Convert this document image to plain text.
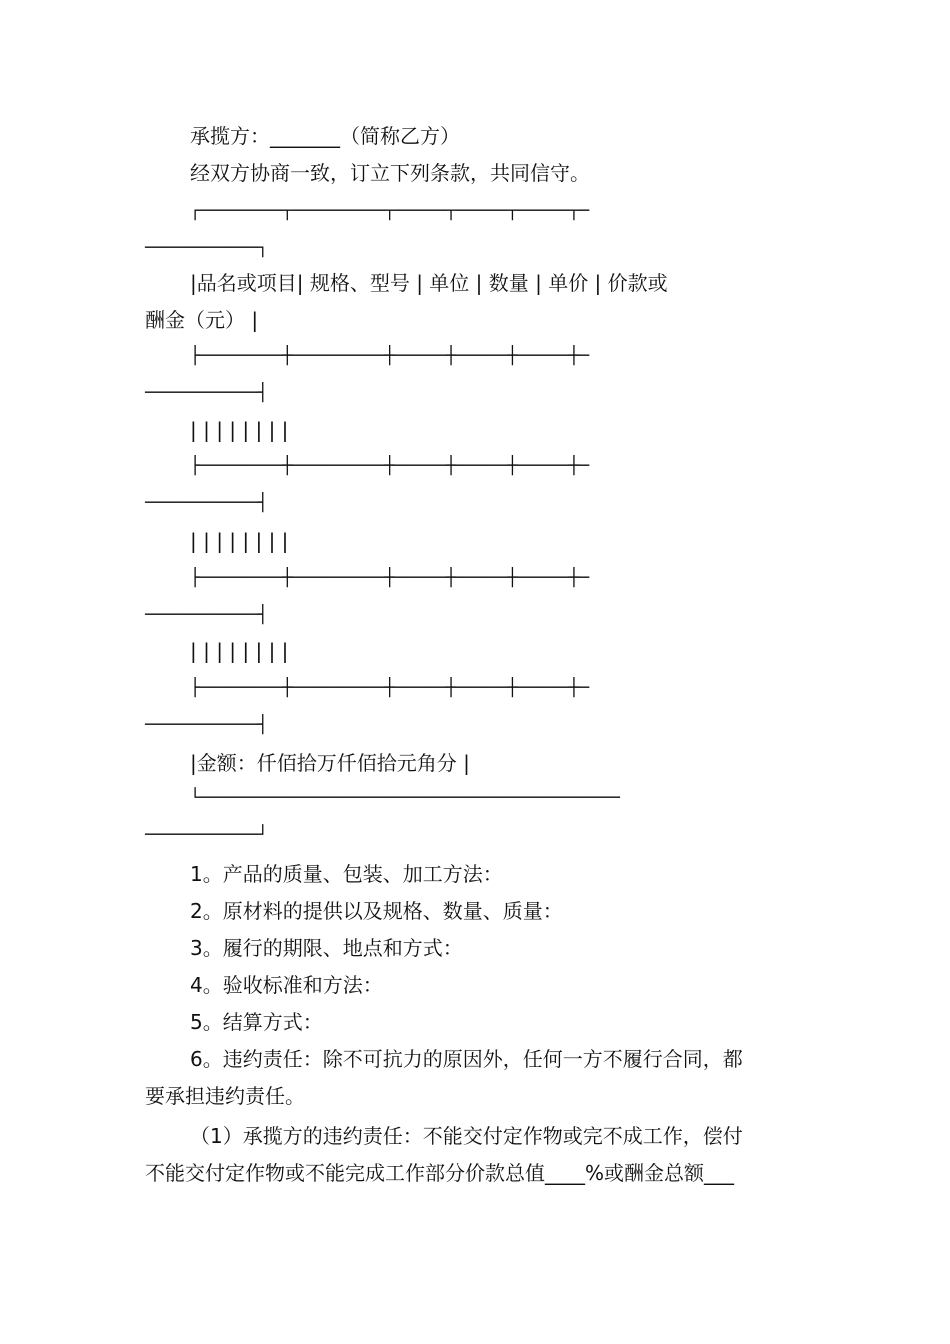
承揽方：_______（简称乙方）
经双方协商一致，订立下列条款，共同信守。
┌────────┬─────────┬─────┬─────┬─────┬─
───────────┐
|品名或项目| 规格、型号 | 单位 | 数量 | 单价 | 价款或
酬金（元） |
├────────┼─────────┼─────┼─────┼─────┼─
───────────┤
| | | | | | | |
├────────┼─────────┼─────┼─────┼─────┼─
───────────┤
| | | | | | | |
├────────┼─────────┼─────┼─────┼─────┼─
───────────┤
| | | | | | | |
├────────┼─────────┼─────┼─────┼─────┼─
───────────┤
|金额：仟佰拾万仟佰拾元角分 |
└─────────────────────────────────────────
───────────┘
1。产品的质量、包装、加工方法：
2。原材料的提供以及规格、数量、质量：
3。履行的期限、地点和方式：
4。验收标准和方法：
5。结算方式：
6。违约责任：除不可抗力的原因外，任何一方不履行合同，都
要承担违约责任。
（1）承揽方的违约责任：不能交付定作物或完不成工作，偿付
不能交付定作物或不能完成工作部分价款总值____%或酬金总额___
